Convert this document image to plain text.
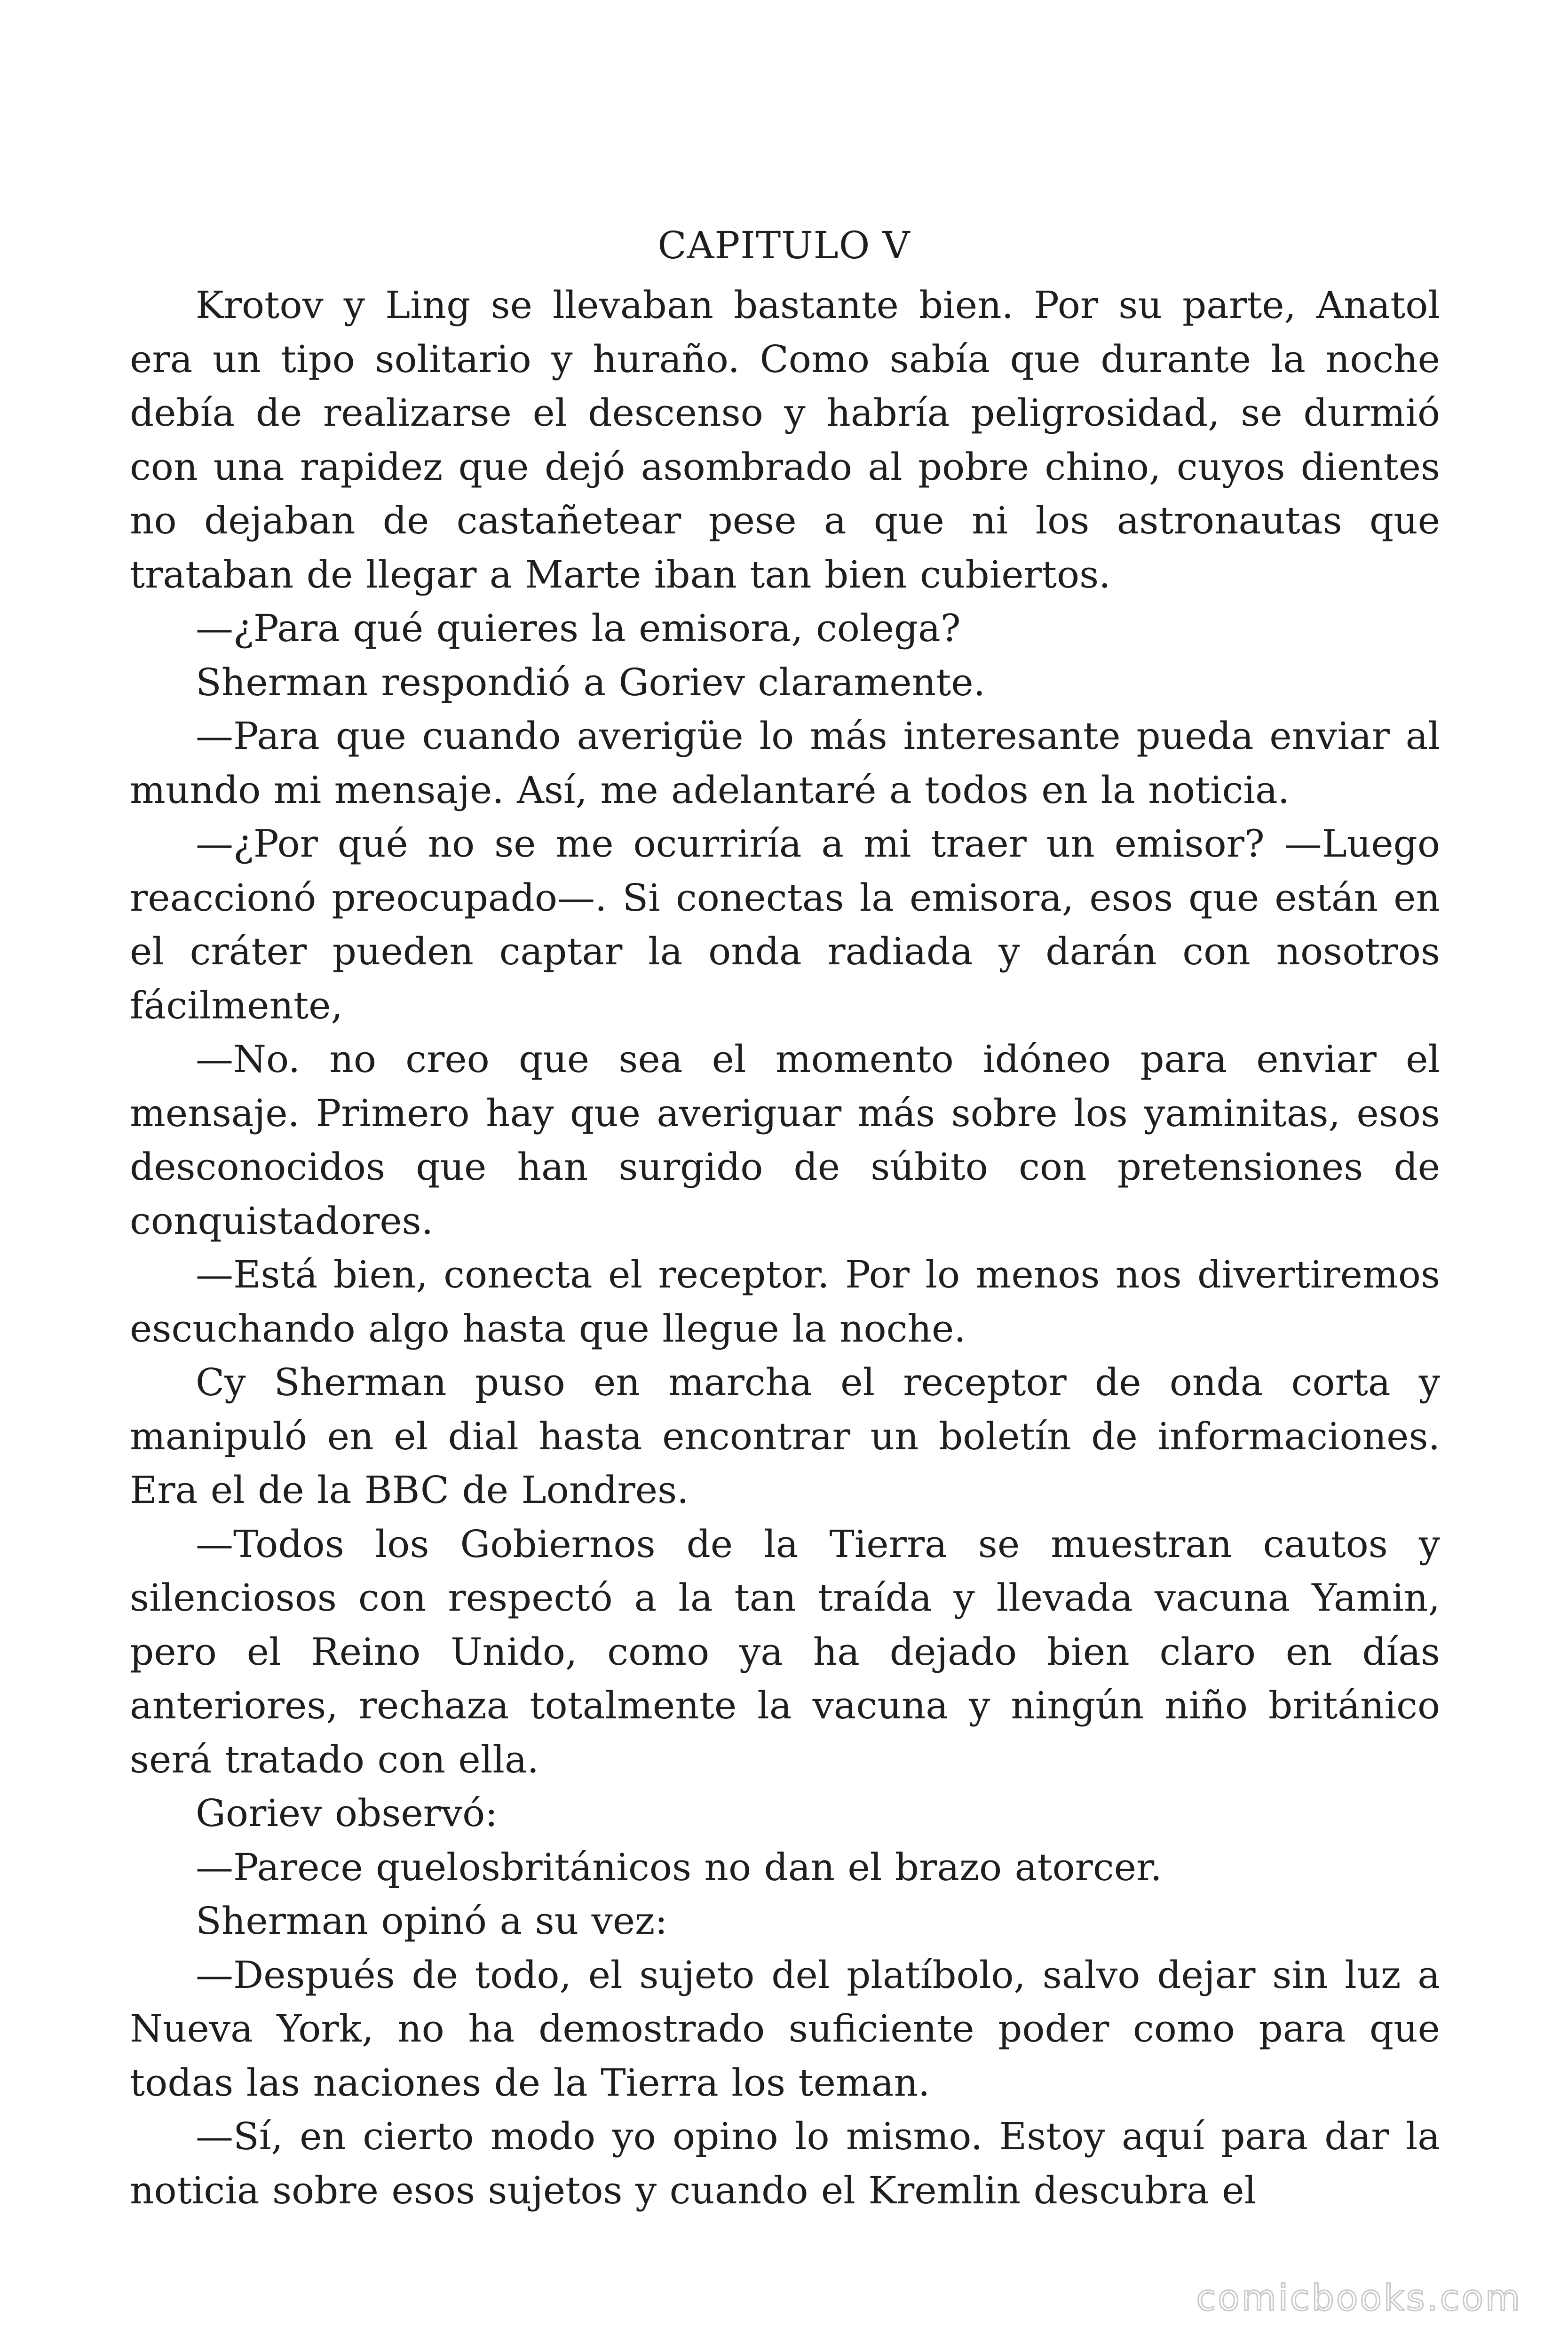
CAPITULO V

Krotov y Ling se llevaban bastante bien. Por su parte, Anatol era un tipo solitario y huraño. Como sabía que durante la noche debía de realizarse el descenso y habría peligrosidad, se durmió con una rapidez que dejó asombrado al pobre chino, cuyos dientes no dejaban de castañetear pese a que ni los astronautas que trataban de llegar a Marte iban tan bien cubiertos.

—¿Para qué quieres la emisora, colega?

Sherman respondió a Goriev claramente.

—Para que cuando averigüe lo más interesante pueda enviar al mundo mi mensaje. Así, me adelantaré a todos en la noticia.

—¿Por qué no se me ocurriría a mi traer un emisor? —Luego reaccionó preocupado—. Si conectas la emisora, esos que están en el cráter pueden captar la onda radiada y darán con nosotros fácilmente,

—No. no creo que sea el momento idóneo para enviar el mensaje. Primero hay que averiguar más sobre los yaminitas, esos desconocidos que han surgido de súbito con pretensiones de conquistadores.

—Está bien, conecta el receptor. Por lo menos nos divertiremos escuchando algo hasta que llegue la noche.

Cy Sherman puso en marcha el receptor de onda corta y manipuló en el dial hasta encontrar un boletín de informaciones. Era el de la BBC de Londres.

—Todos los Gobiernos de la Tierra se muestran cautos y silenciosos con respectó a la tan traída y llevada vacuna Yamin, pero el Reino Unido, como ya ha dejado bien claro en días anteriores, rechaza totalmente la vacuna y ningún niño británico será tratado con ella.

Goriev observó:

—Parece quelosbritánicos no dan el brazo atorcer.

Sherman opinó a su vez:

—Después de todo, el sujeto del platíbolo, salvo dejar sin luz a Nueva York, no ha demostrado suficiente poder como para que todas las naciones de la Tierra los teman.

—Sí, en cierto modo yo opino lo mismo. Estoy aquí para dar la noticia sobre esos sujetos y cuando el Kremlin descubra el

comicbooks.com
